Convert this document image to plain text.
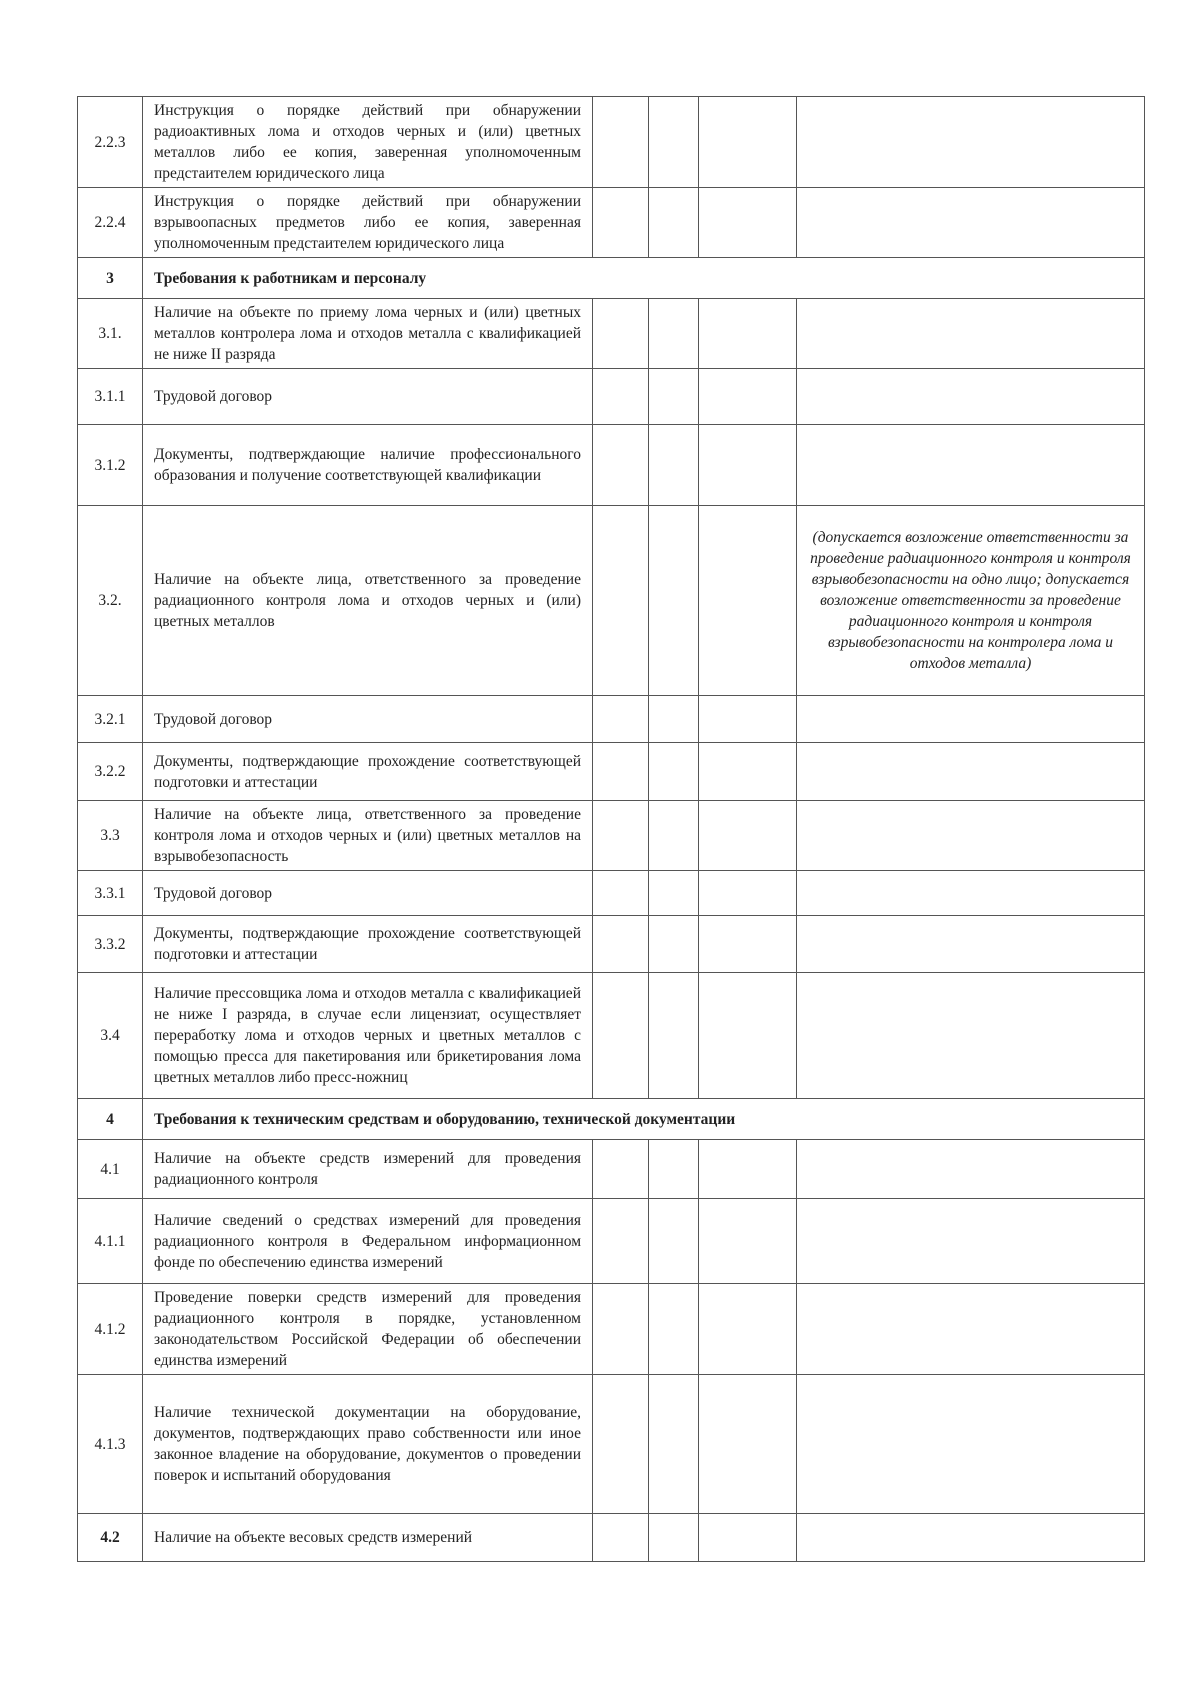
2.2.3	Инструкция о порядке действий при обнаружении радиоактивных лома и отходов черных и (или) цветных металлов либо ее копия, заверенная уполномоченным предстаителем юридического лица				
2.2.4	Инструкция о порядке действий при обнаружении взрывоопасных предметов либо ее копия, заверенная уполномоченным предстаителем юридического лица				
3	Требования к работникам и персоналу				
3.1.	Наличие на объекте по приему лома черных и (или) цветных металлов контролера лома и отходов металла с квалификацией не ниже II разряда				
3.1.1	Трудовой договор				
3.1.2	Документы, подтверждающие наличие профессионального образования и получение соответствующей квалификации				
3.2.	Наличие на объекте лица, ответственного за проведение радиационного контроля лома и отходов черных и (или) цветных металлов				(допускается возложение ответственности за проведение радиационного контроля и контроля взрывобезопасности на одно лицо; допускается возложение ответственности за проведение радиационного контроля и контроля взрывобезопасности на контролера лома и отходов металла)
3.2.1	Трудовой договор				
3.2.2	Документы, подтверждающие прохождение соответствующей подготовки и аттестации				
3.3	Наличие на объекте лица, ответственного за проведение контроля лома и отходов черных и (или) цветных металлов на взрывобезопасность				
3.3.1	Трудовой договор				
3.3.2	Документы, подтверждающие прохождение соответствующей подготовки и аттестации				
3.4	Наличие прессовщика лома и отходов металла с квалификацией не ниже I разряда, в случае если лицензиат, осуществляет переработку лома и отходов черных и цветных металлов с помощью пресса для пакетирования или брикетирования лома цветных металлов либо пресс-ножниц				
4	Требования к техническим средствам и оборудованию, технической документации				
4.1	Наличие на объекте средств измерений для проведения радиационного контроля				
4.1.1	Наличие сведений о средствах измерений для проведения радиационного контроля в Федеральном информационном фонде по обеспечению единства измерений				
4.1.2	Проведение поверки средств измерений для проведения радиационного контроля в порядке, установленном законодательством Российской Федерации об обеспечении единства измерений				
4.1.3	Наличие технической документации на оборудование, документов, подтверждающих право собственности или иное законное владение на оборудование, документов о проведении поверок и испытаний оборудования				
4.2	Наличие на объекте весовых средств измерений				
